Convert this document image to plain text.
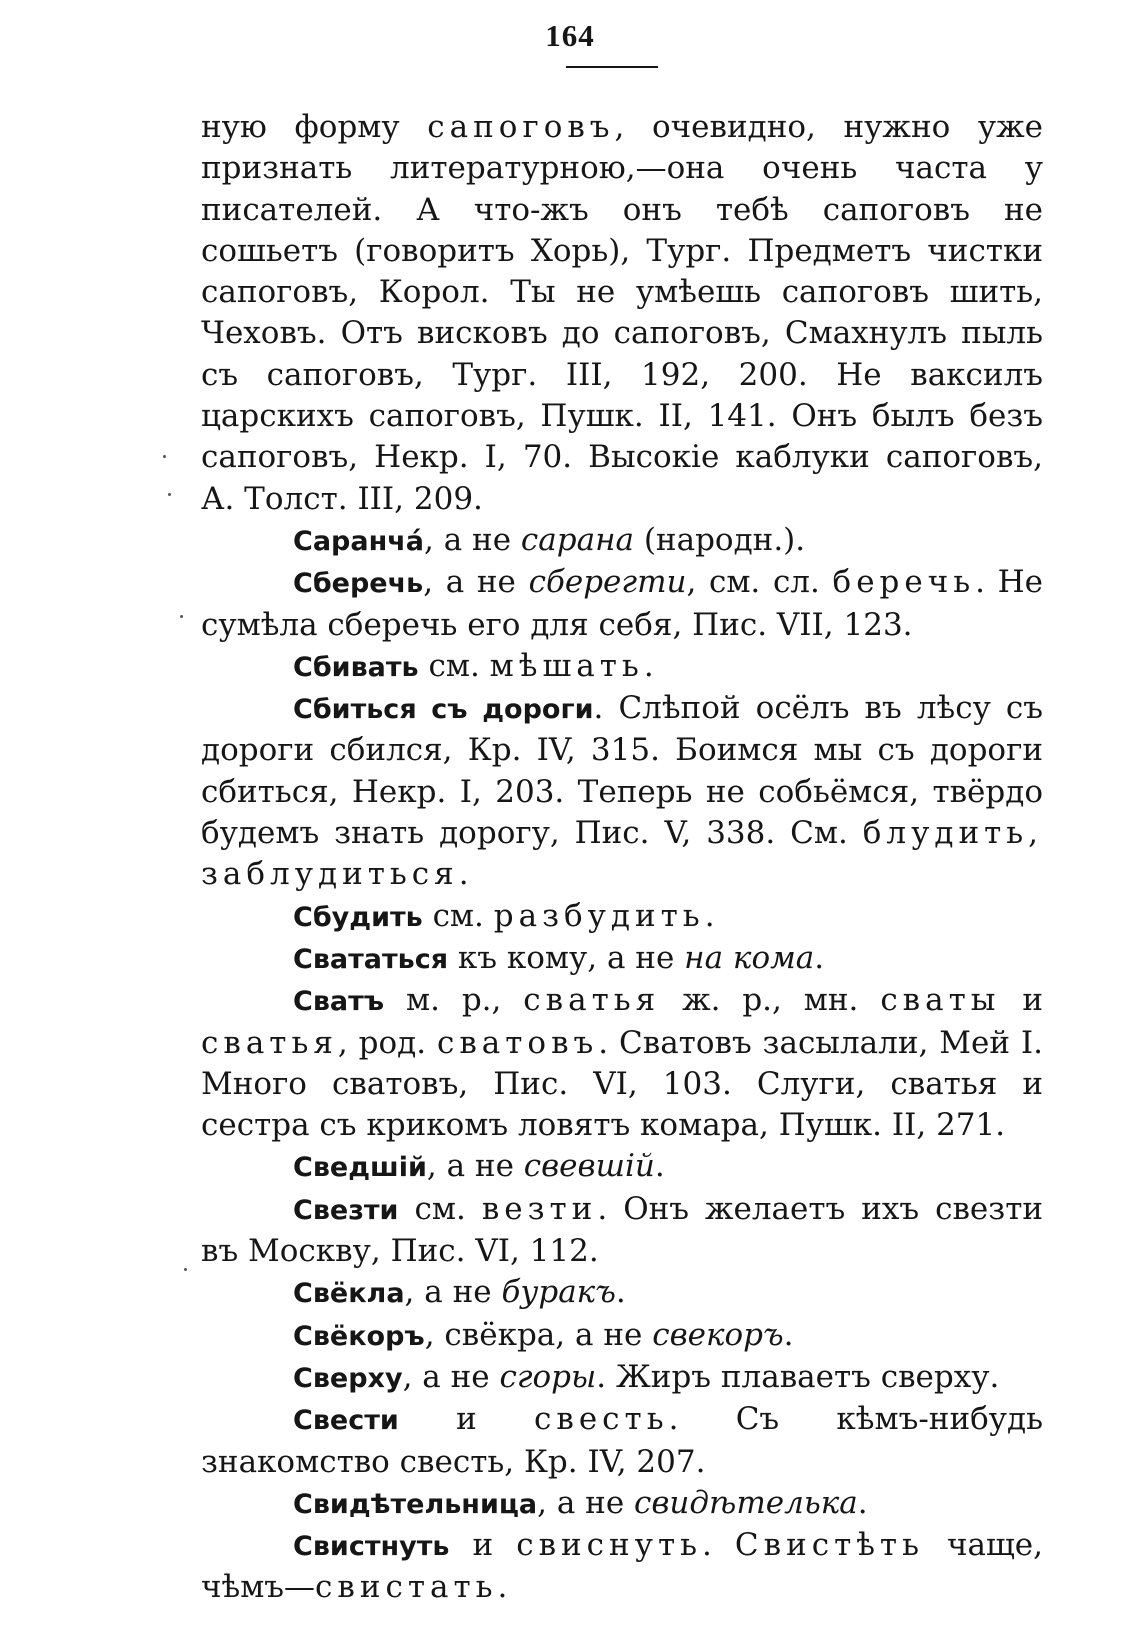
164

ную форму сапоговъ, очевидно, нужно уже признать литературною,—она очень часта у писателей. А что-жъ онъ тебѣ сапоговъ не сошьетъ (говоритъ Хорь), Тург. Предметъ чистки сапоговъ, Корол. Ты не умѣешь сапоговъ шить, Чеховъ. Отъ висковъ до сапоговъ, Смахнулъ пыль съ сапоговъ, Тург. III, 192, 200. Не ваксилъ царскихъ сапоговъ, Пушк. II, 141. Онъ былъ безъ сапоговъ, Некр. I, 70. Высокіе каблуки сапоговъ, А. Толст. III, 209.

Саранча́, а не сарана (народн.).

Сберечь, а не сберегти, см. сл. беречь. Не сумѣла сберечь его для себя, Пис. VII, 123.

Сбивать см. мѣшать.

Сбиться съ дороги. Слѣпой осёлъ въ лѣсу съ дороги сбился, Кр. IV, 315. Боимся мы съ дороги сбиться, Некр. I, 203. Теперь не собьёмся, твёрдо будемъ знать дорогу, Пис. V, 338. См. блудить, заблудиться.

Сбудить см. разбудить.

Свататься къ кому, а не на кома.

Сватъ м. р., сватья ж. р., мн. сваты и сватья, род. сватовъ. Сватовъ засылали, Мей I. Много сватовъ, Пис. VI, 103. Слуги, сватья и сестра съ крикомъ ловятъ комара, Пушк. II, 271.

Сведшій, а не свевшій.

Свезти см. везти. Онъ желаетъ ихъ свезти въ Москву, Пис. VI, 112.

Свёкла, а не буракъ.

Свёкоръ, свёкра, а не свекоръ.

Сверху, а не сгоры. Жиръ плаваетъ сверху.

Свести и свесть. Съ кѣмъ-нибудь знакомство свесть, Кр. IV, 207.

Свидѣтельница, а не свидѣтелька.

Свистнуть и свиснуть. Свистѣть чаще, чѣмъ—свистать.
